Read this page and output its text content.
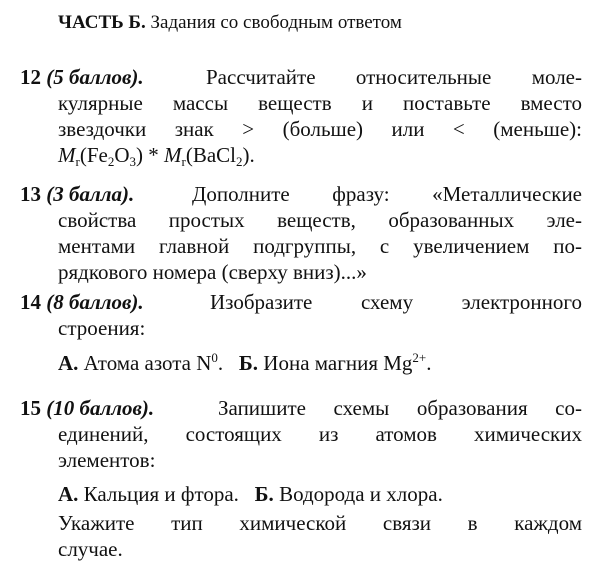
ЧАСТЬ Б. Задания со свободным ответом
12 (5 баллов).	Рассчитайте относительные моле-
кулярные массы веществ и поставьте вместо
звездочки знак > (больше) или < (меньше):
$M_r(Fe_2O_3)$ * $M_r(BaCl_2)$.
13 (3 балла).	Дополните фразу: «Металлические
свойства простых веществ, образованных эле-
ментами главной подгруппы, с увеличением по-
рядкового номера (сверху вниз)...»
14 (8 баллов).	Изобразите схему электронного
строения:
А. Атома азота $N^0$. Б. Иона магния $Mg^{2+}$.
15 (10 баллов).	Запишите схемы образования со-
единений, состоящих из атомов химических
элементов:
А. Кальция и фтора. Б. Водорода и хлора.
Укажите тип химической связи в каждом
случае.
